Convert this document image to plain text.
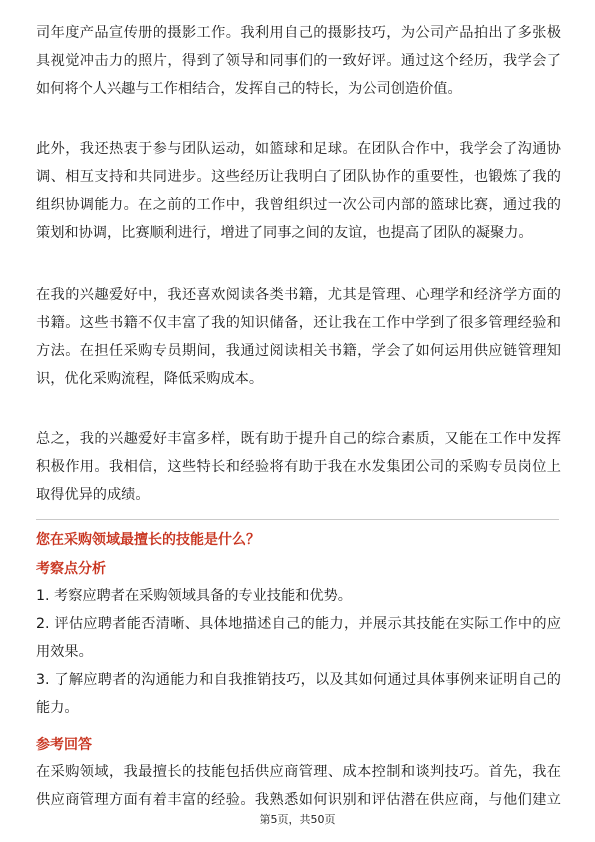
司年度产品宣传册的摄影工作。我利用自己的摄影技巧，为公司产品拍出了多张极
具视觉冲击力的照片，得到了领导和同事们的一致好评。通过这个经历，我学会了
如何将个人兴趣与工作相结合，发挥自己的特长，为公司创造价值。
此外，我还热衷于参与团队运动，如篮球和足球。在团队合作中，我学会了沟通协
调、相互支持和共同进步。这些经历让我明白了团队协作的重要性，也锻炼了我的
组织协调能力。在之前的工作中，我曾组织过一次公司内部的篮球比赛，通过我的
策划和协调，比赛顺利进行，增进了同事之间的友谊，也提高了团队的凝聚力。
在我的兴趣爱好中，我还喜欢阅读各类书籍，尤其是管理、心理学和经济学方面的
书籍。这些书籍不仅丰富了我的知识储备，还让我在工作中学到了很多管理经验和
方法。在担任采购专员期间，我通过阅读相关书籍，学会了如何运用供应链管理知
识，优化采购流程，降低采购成本。
总之，我的兴趣爱好丰富多样，既有助于提升自己的综合素质，又能在工作中发挥
积极作用。我相信，这些特长和经验将有助于我在水发集团公司的采购专员岗位上
取得优异的成绩。
您在采购领域最擅长的技能是什么？
考察点分析
1. 考察应聘者在采购领域具备的专业技能和优势。
2. 评估应聘者能否清晰、具体地描述自己的能力，并展示其技能在实际工作中的应
用效果。
3. 了解应聘者的沟通能力和自我推销技巧，以及其如何通过具体事例来证明自己的
能力。
参考回答
在采购领域，我最擅长的技能包括供应商管理、成本控制和谈判技巧。首先，我在
供应商管理方面有着丰富的经验。我熟悉如何识别和评估潜在供应商，与他们建立
第5页，共50页
